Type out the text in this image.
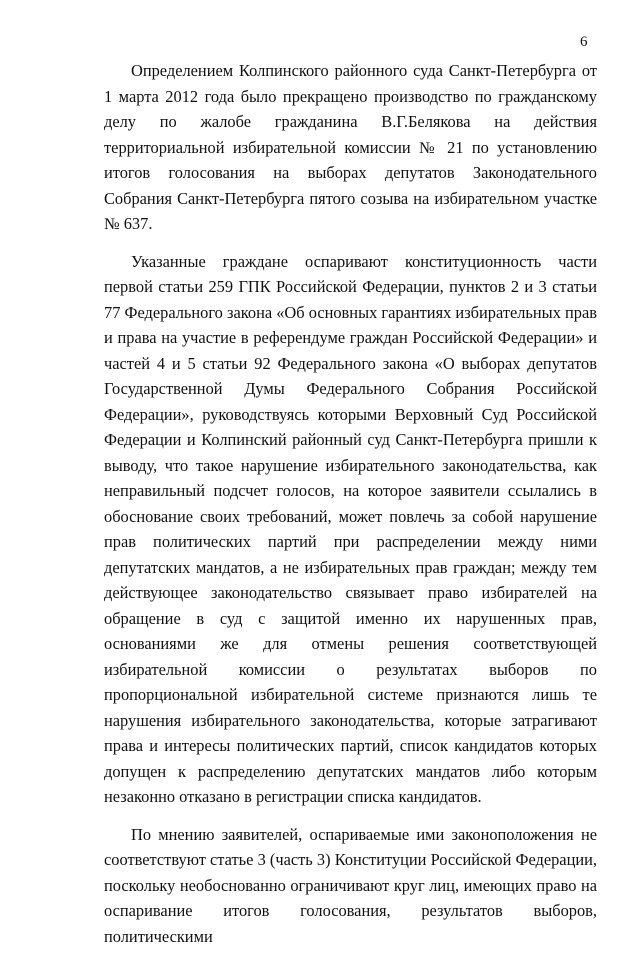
6

Определением Колпинского районного суда Санкт-Петербурга от 1 марта 2012 года было прекращено производство по гражданскому делу по жалобе гражданина В.Г.Белякова на действия территориальной избирательной комиссии № 21 по установлению итогов голосования на выборах депутатов Законодательного Собрания Санкт-Петербурга пятого созыва на избирательном участке № 637.

Указанные граждане оспаривают конституционность части первой статьи 259 ГПК Российской Федерации, пунктов 2 и 3 статьи 77 Федерального закона «Об основных гарантиях избирательных прав и права на участие в референдуме граждан Российской Федерации» и частей 4 и 5 статьи 92 Федерального закона «О выборах депутатов Государственной Думы Федерального Собрания Российской Федерации», руководствуясь которыми Верховный Суд Российской Федерации и Колпинский районный суд Санкт-Петербурга пришли к выводу, что такое нарушение избирательного законодательства, как неправильный подсчет голосов, на которое заявители ссылались в обоснование своих требований, может повлечь за собой нарушение прав политических партий при распределении между ними депутатских мандатов, а не избирательных прав граждан; между тем действующее законодательство связывает право избирателей на обращение в суд с защитой именно их нарушенных прав, основаниями же для отмены решения соответствующей избирательной комиссии о результатах выборов по пропорциональной избирательной системе признаются лишь те нарушения избирательного законодательства, которые затрагивают права и интересы политических партий, список кандидатов которых допущен к распределению депутатских мандатов либо которым незаконно отказано в регистрации списка кандидатов.

По мнению заявителей, оспариваемые ими законоположения не соответствуют статье 3 (часть 3) Конституции Российской Федерации, поскольку необоснованно ограничивают круг лиц, имеющих право на оспаривание итогов голосования, результатов выборов, политическими
